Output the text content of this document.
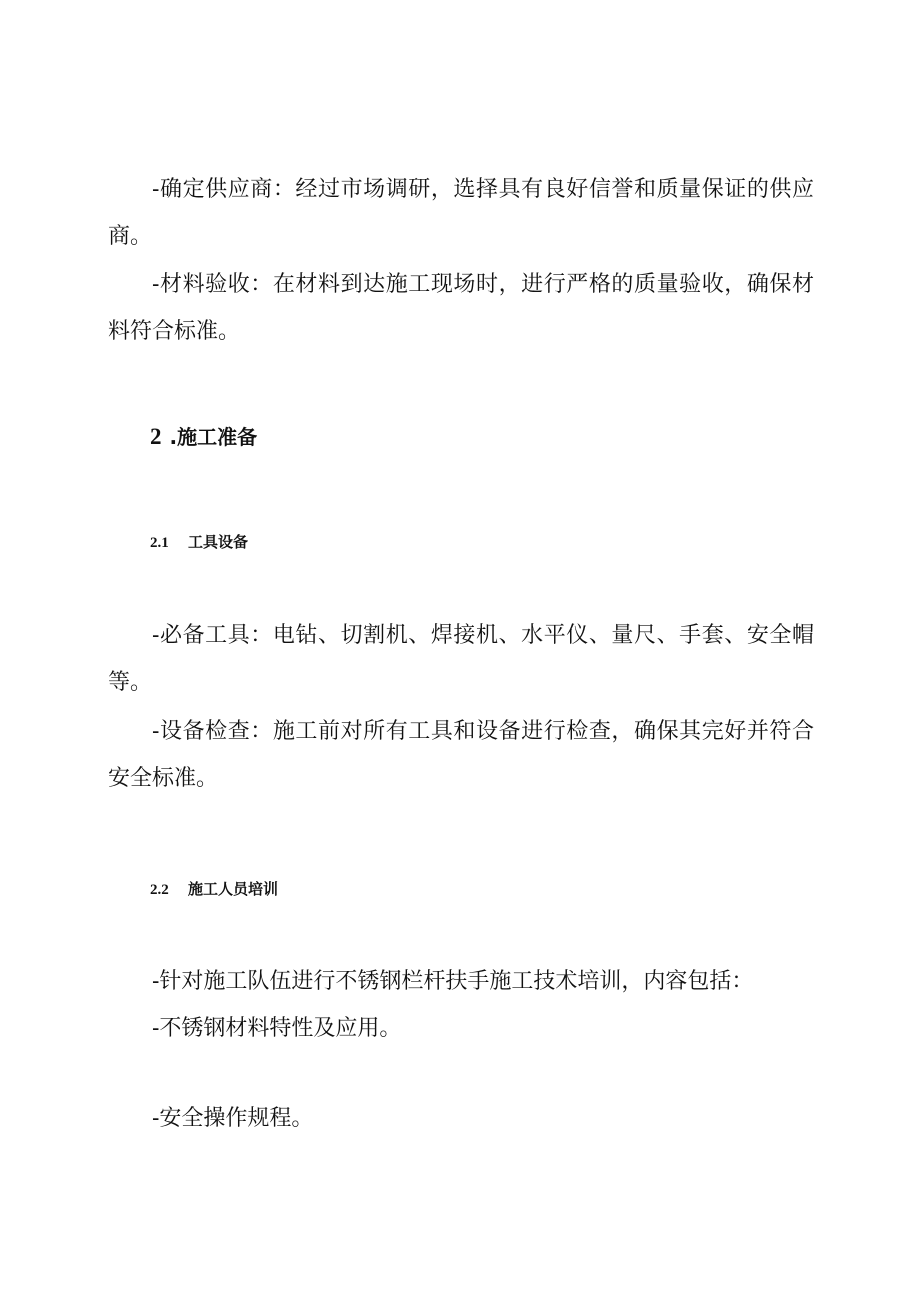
-确定供应商：经过市场调研，选择具有良好信誉和质量保证的供应商。

-材料验收：在材料到达施工现场时，进行严格的质量验收，确保材料符合标准。

2 .施工准备
2.1 工具设备

-必备工具：电钻、切割机、焊接机、水平仪、量尺、手套、安全帽等。

-设备检查：施工前对所有工具和设备进行检查，确保其完好并符合安全标准。

2.2 施工人员培训

-针对施工队伍进行不锈钢栏杆扶手施工技术培训，内容包括：

-不锈钢材料特性及应用。

-安全操作规程。
